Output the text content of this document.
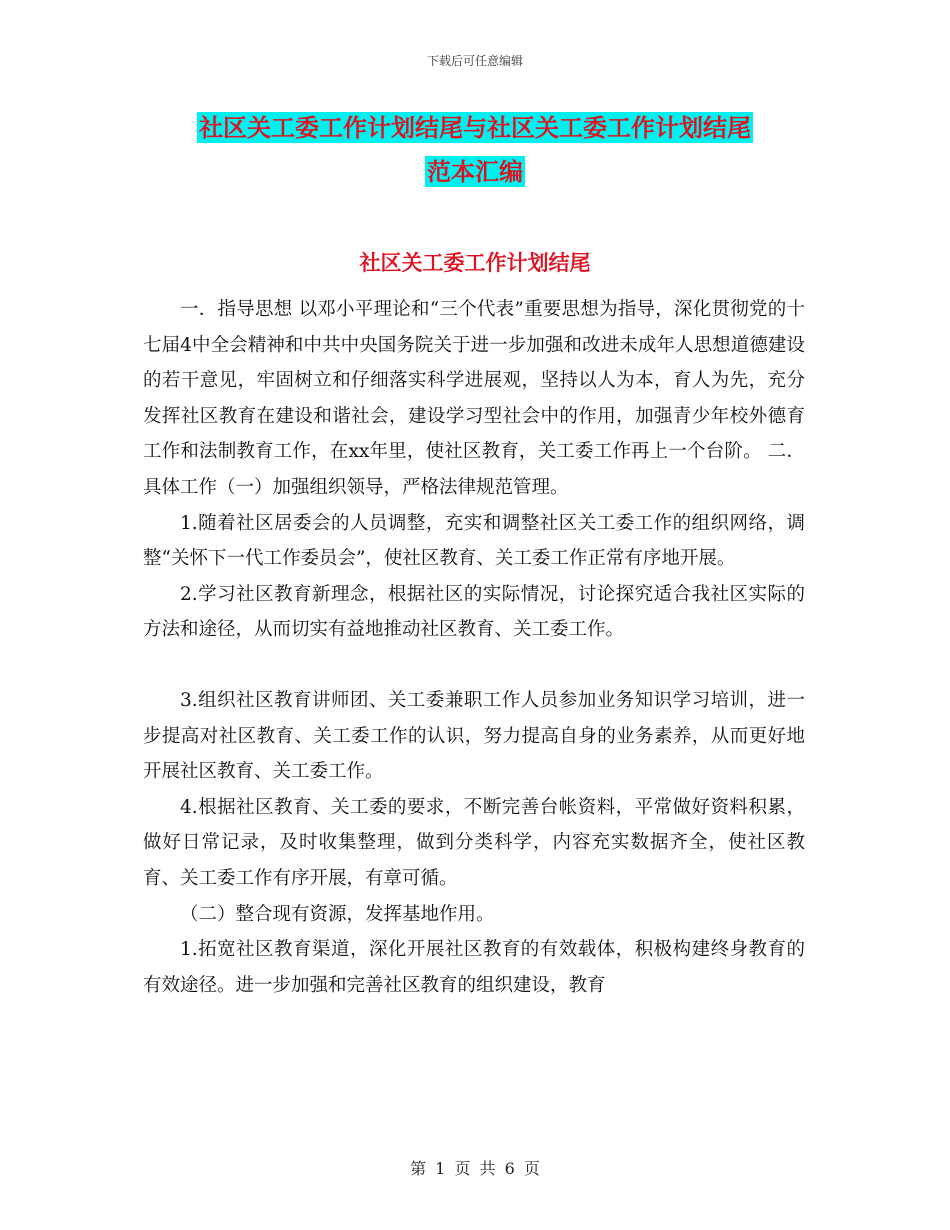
下载后可任意编辑
社区关工委工作计划结尾与社区关工委工作计划结尾
范本汇编
社区关工委工作计划结尾

一．指导思想 以邓小平理论和“三个代表”重要思想为指导，深化贯彻党的十七届4中全会精神和中共中央国务院关于进一步加强和改进未成年人思想道德建设的若干意见，牢固树立和仔细落实科学进展观，坚持以人为本，育人为先，充分发挥社区教育在建设和谐社会，建设学习型社会中的作用，加强青少年校外德育工作和法制教育工作，在xx年里，使社区教育，关工委工作再上一个台阶。 二．具体工作（一）加强组织领导，严格法律规范管理。

1.随着社区居委会的人员调整，充实和调整社区关工委工作的组织网络，调整“关怀下一代工作委员会”，使社区教育、关工委工作正常有序地开展。

2.学习社区教育新理念，根据社区的实际情况，讨论探究适合我社区实际的方法和途径，从而切实有益地推动社区教育、关工委工作。

3.组织社区教育讲师团、关工委兼职工作人员参加业务知识学习培训，进一步提高对社区教育、关工委工作的认识，努力提高自身的业务素养，从而更好地开展社区教育、关工委工作。

4.根据社区教育、关工委的要求，不断完善台帐资料，平常做好资料积累，做好日常记录，及时收集整理，做到分类科学，内容充实数据齐全，使社区教育、关工委工作有序开展，有章可循。

（二）整合现有资源，发挥基地作用。

1.拓宽社区教育渠道，深化开展社区教育的有效载体，积极构建终身教育的有效途径。进一步加强和完善社区教育的组织建设，教育

第 1 页 共 6 页
